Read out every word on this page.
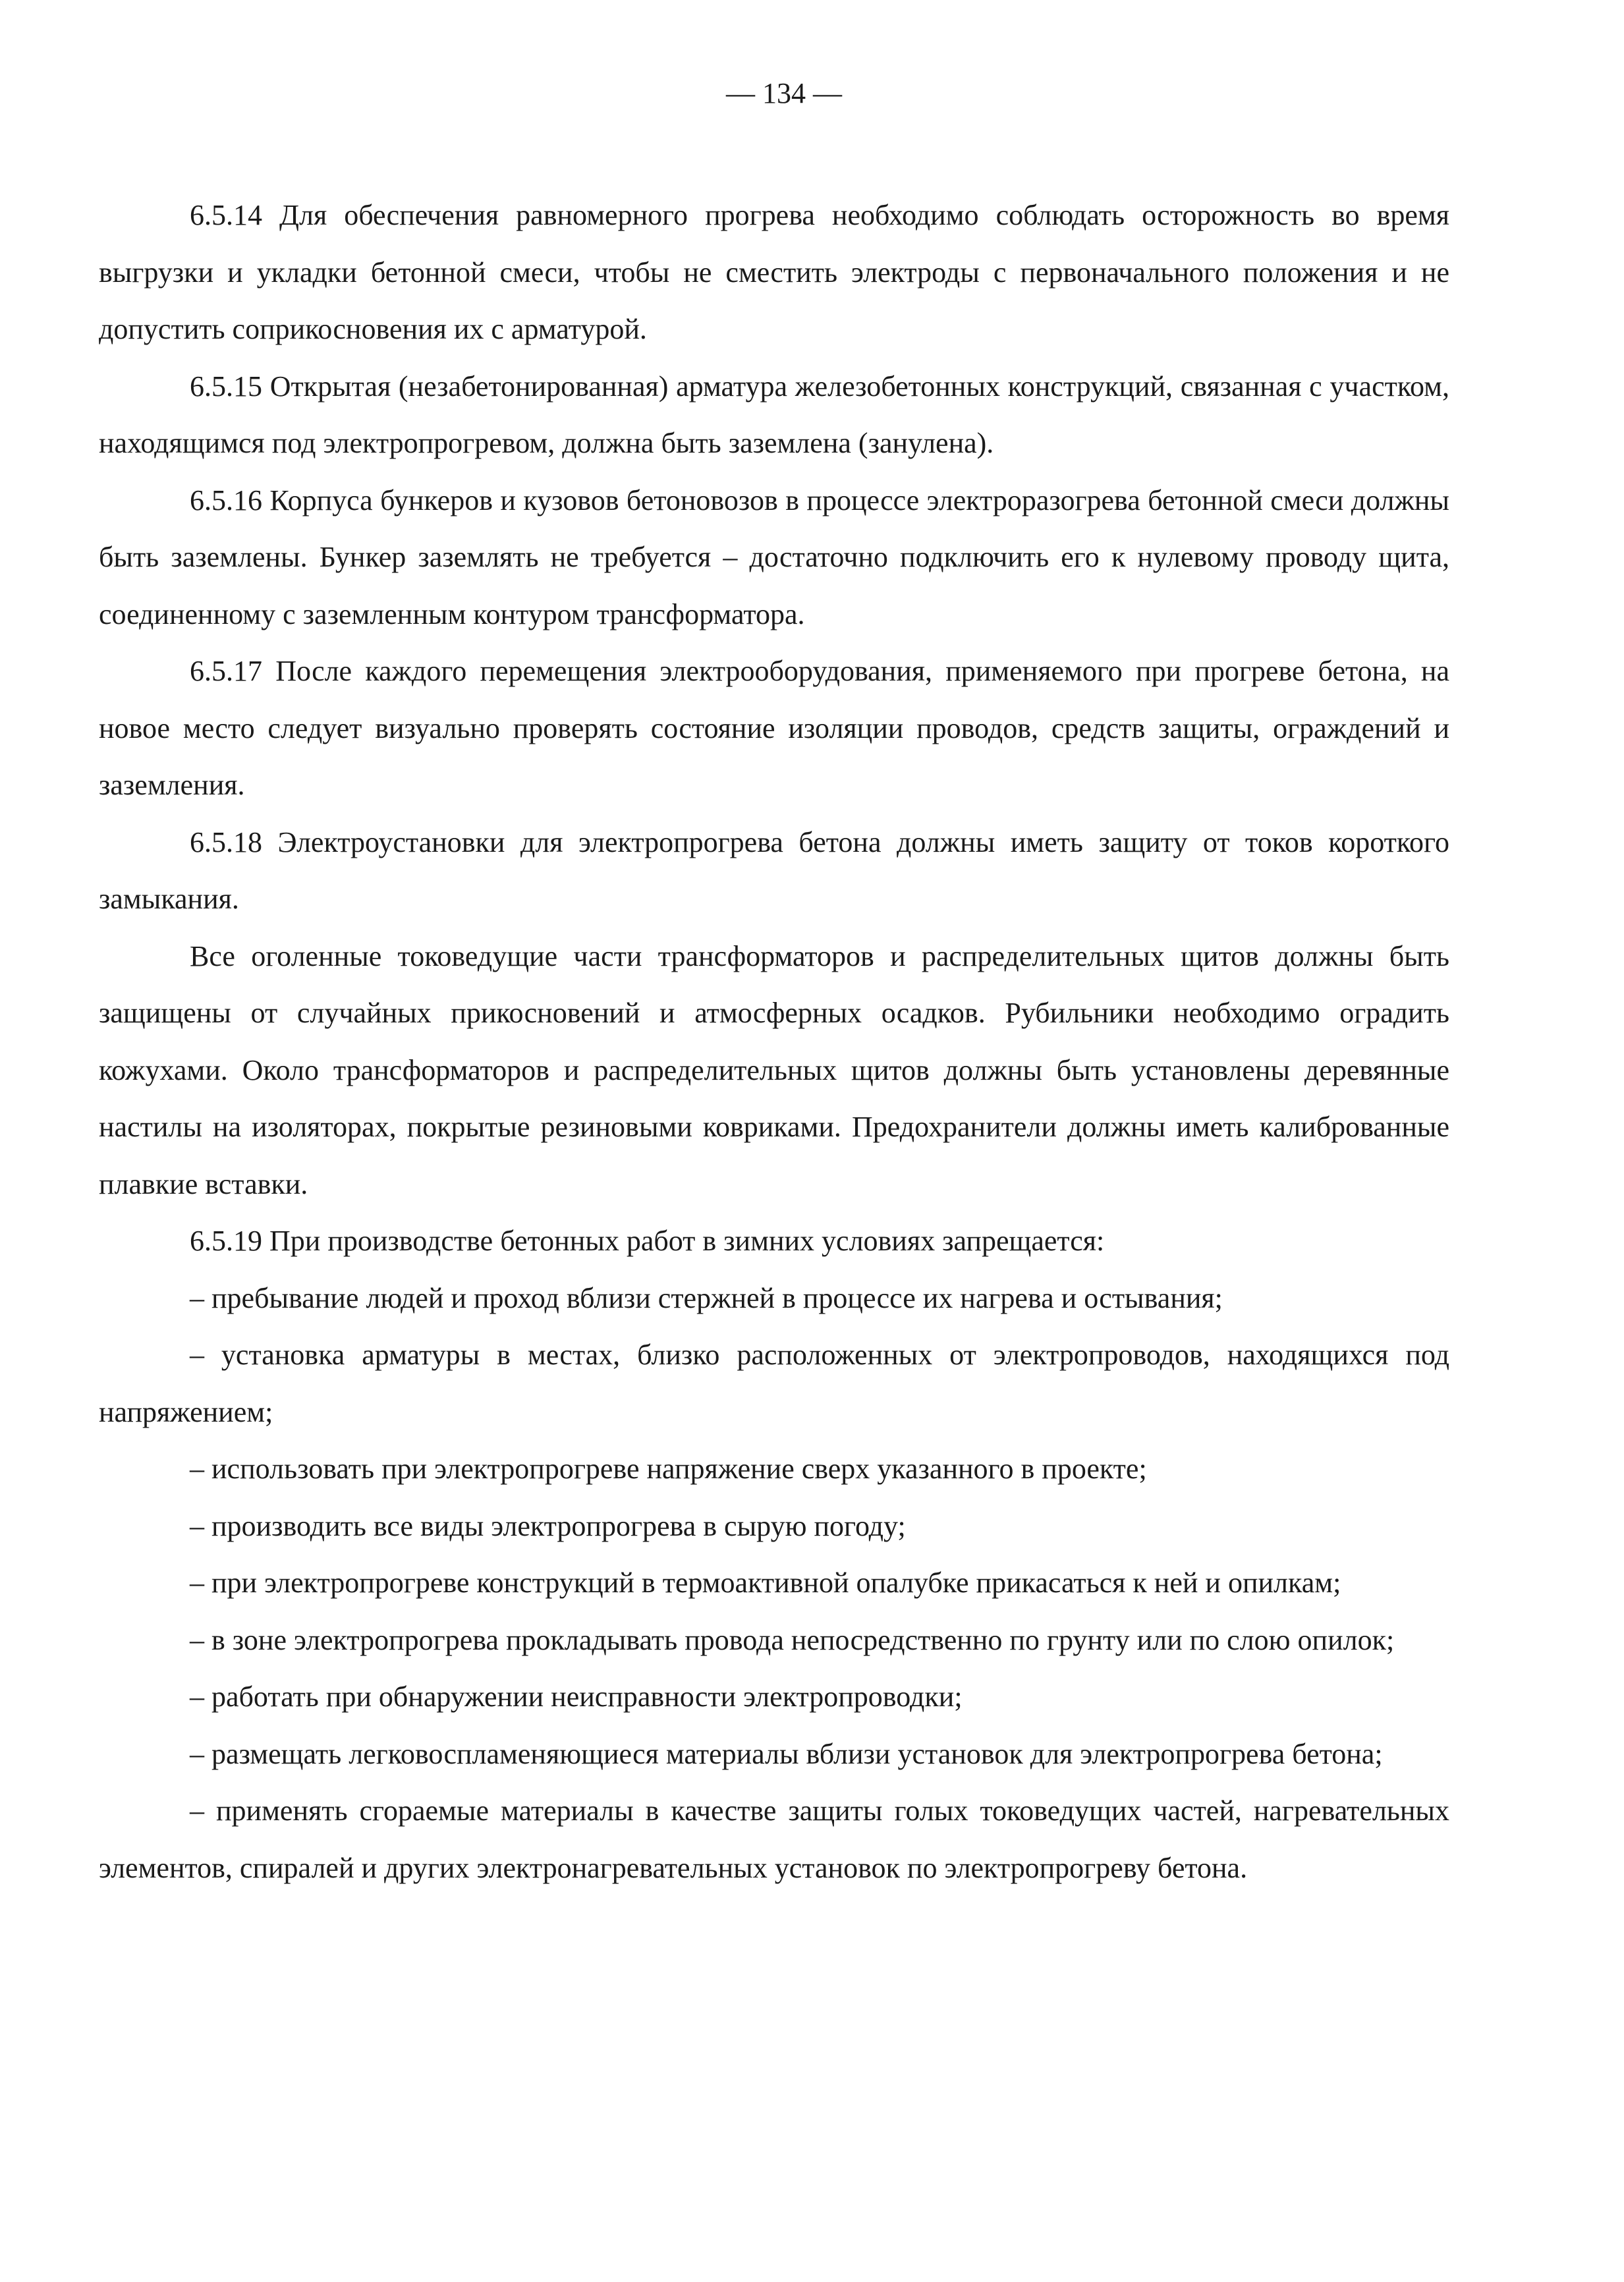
— 134 —

6.5.14 Для обеспечения равномерного прогрева необходимо соблюдать осторожность во время выгрузки и укладки бетонной смеси, чтобы не сместить электроды с первоначального положения и не допустить соприкосновения их с арматурой.

6.5.15 Открытая (незабетонированная) арматура железобетонных конструкций, связанная с участком, находящимся под электропрогревом, должна быть заземлена (занулена).

6.5.16 Корпуса бункеров и кузовов бетоновозов в процессе электроразогрева бетонной смеси должны быть заземлены. Бункер заземлять не требуется – достаточно подключить его к нулевому проводу щита, соединенному с заземленным контуром трансформатора.

6.5.17 После каждого перемещения электрооборудования, применяемого при прогреве бетона, на новое место следует визуально проверять состояние изоляции проводов, средств защиты, ограждений и заземления.

6.5.18 Электроустановки для электропрогрева бетона должны иметь защиту от токов короткого замыкания.

Все оголенные токоведущие части трансформаторов и распределительных щитов должны быть защищены от случайных прикосновений и атмосферных осадков. Рубильники необходимо оградить кожухами. Около трансформаторов и распределительных щитов должны быть установлены деревянные настилы на изоляторах, покрытые резиновыми ковриками. Предохранители должны иметь калиброванные плавкие вставки.

6.5.19 При производстве бетонных работ в зимних условиях запрещается:

– пребывание людей и проход вблизи стержней в процессе их нагрева и остывания;

– установка арматуры в местах, близко расположенных от электропроводов, находящихся под напряжением;

– использовать при электропрогреве напряжение сверх указанного в проекте;

– производить все виды электропрогрева в сырую погоду;

– при электропрогреве конструкций в термоактивной опалубке прикасаться к ней и опилкам;

– в зоне электропрогрева прокладывать провода непосредственно по грунту или по слою опилок;

– работать при обнаружении неисправности электропроводки;

– размещать легковоспламеняющиеся материалы вблизи установок для электропрогрева бетона;

– применять сгораемые материалы в качестве защиты голых токоведущих частей, нагревательных элементов, спиралей и других электронагревательных установок по электропрогреву бетона.
